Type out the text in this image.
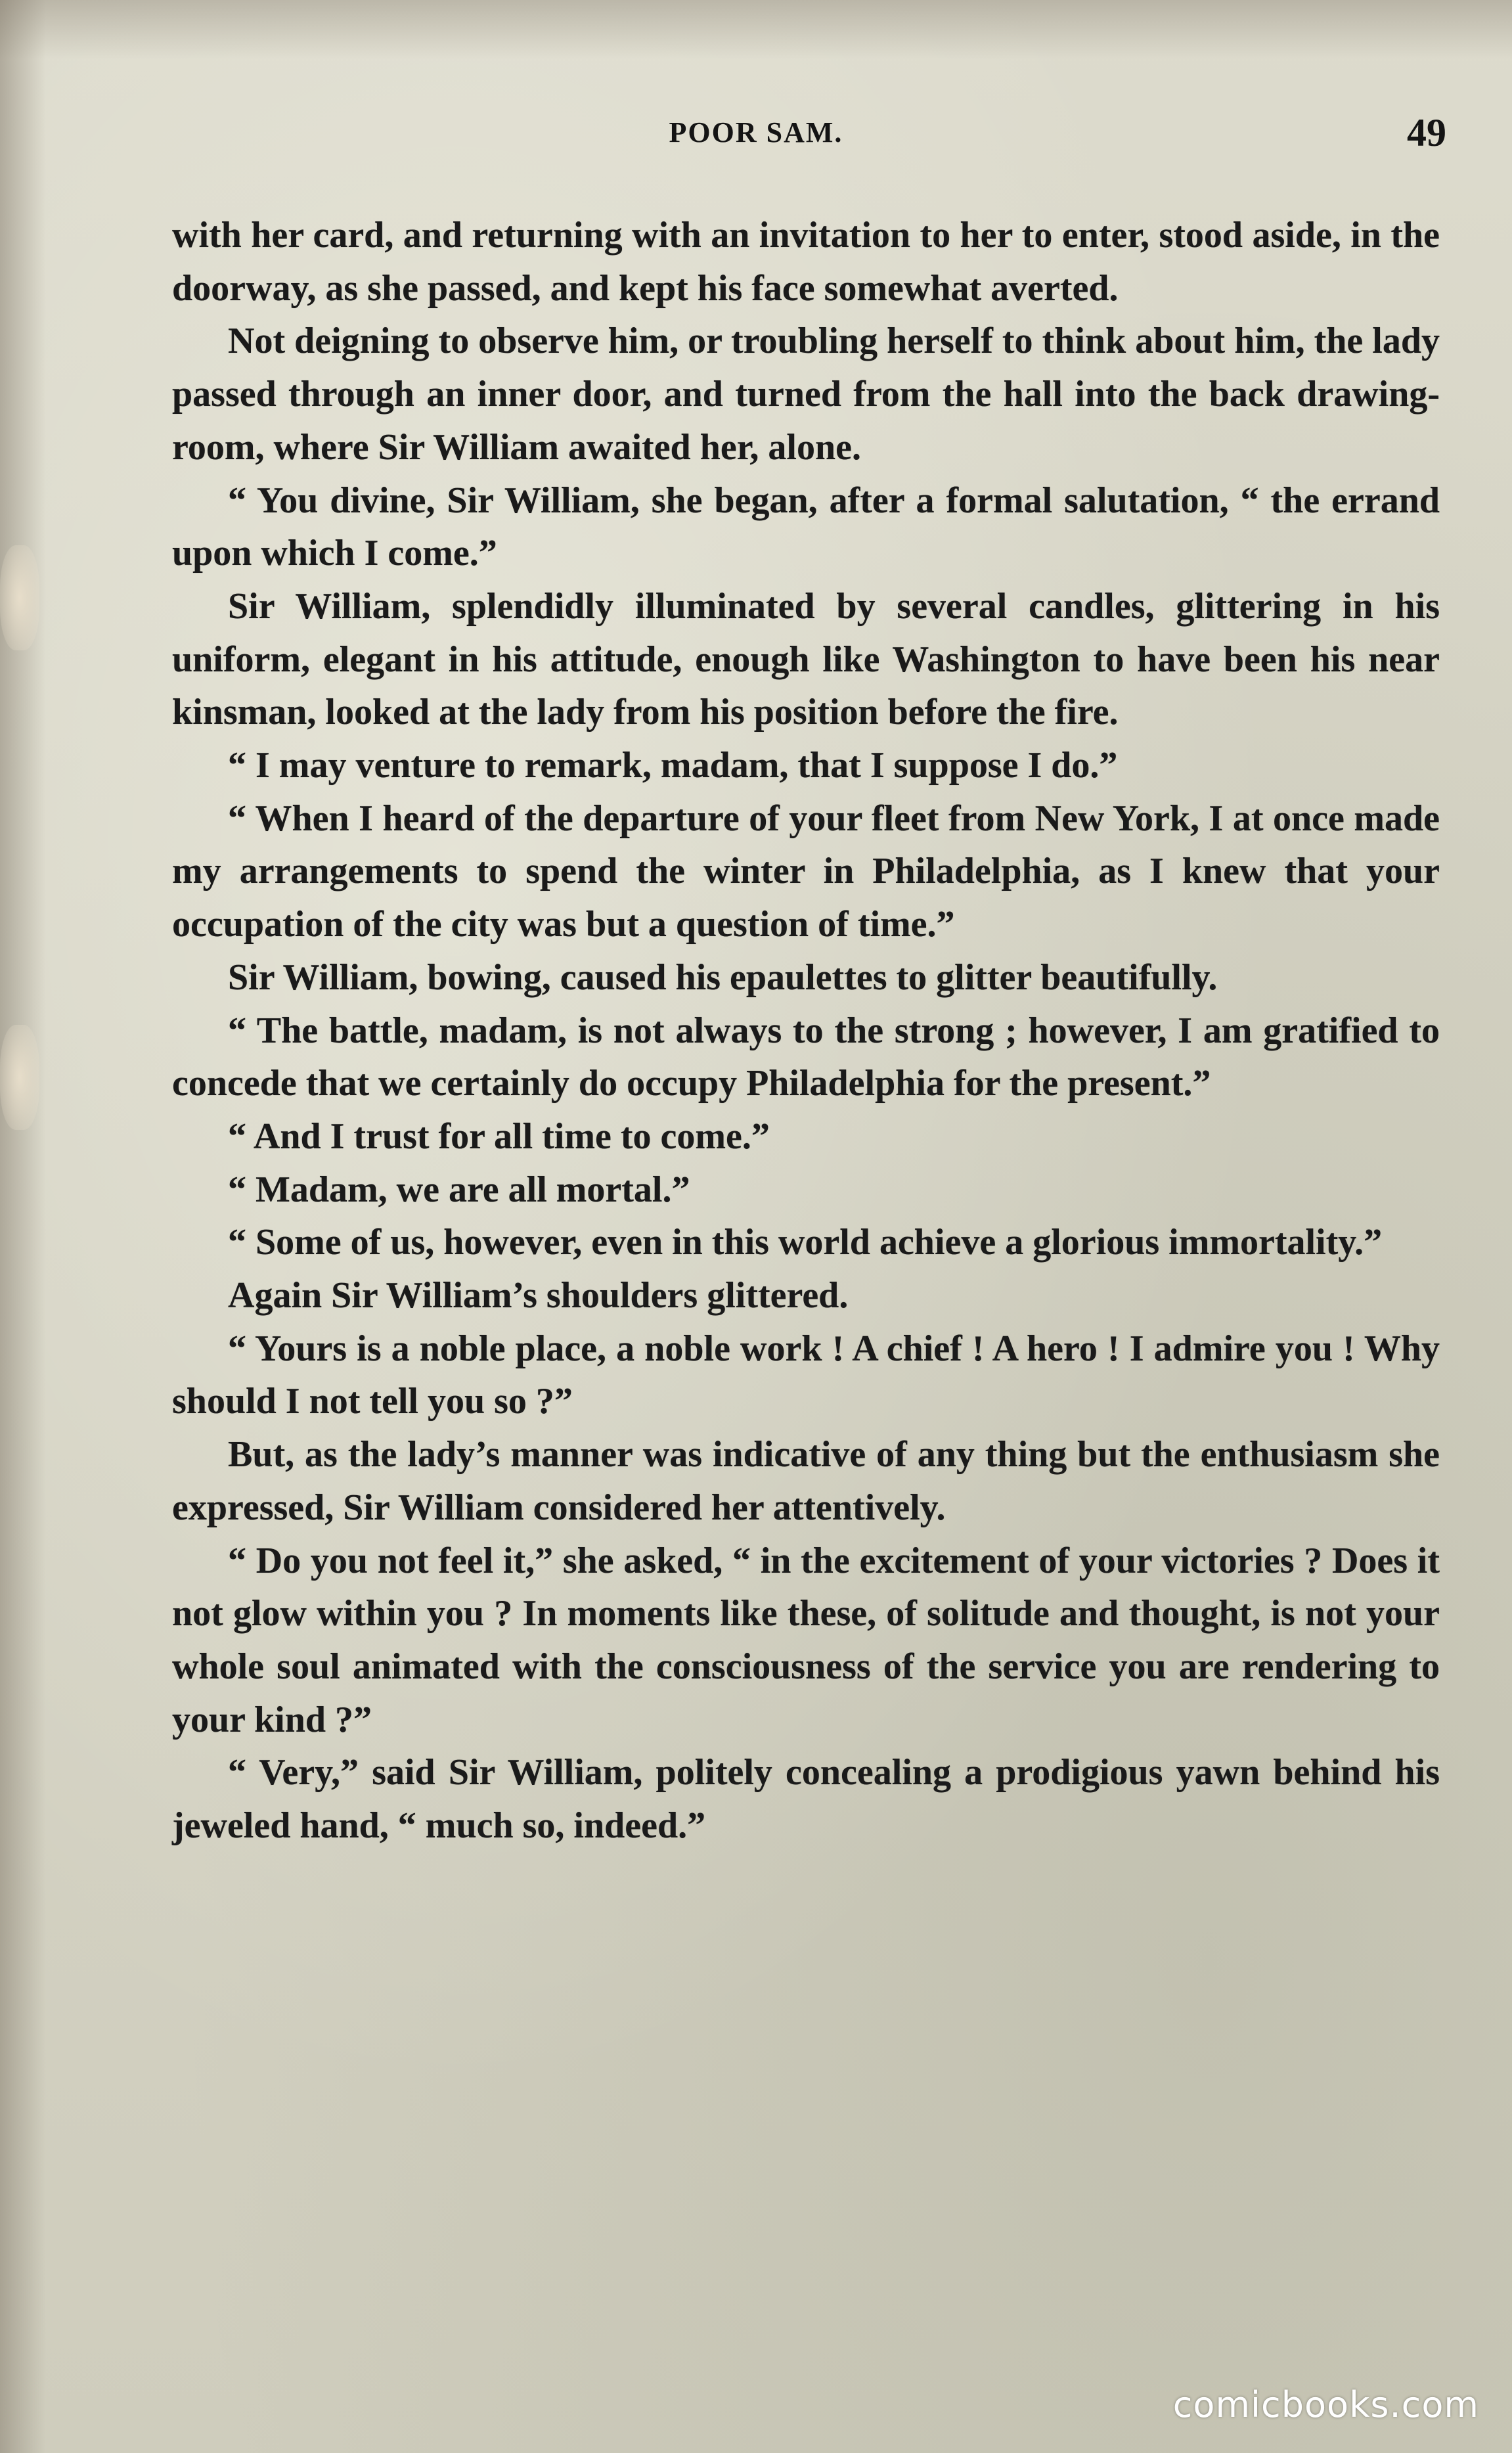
POOR SAM.	49

with her card, and returning with an invitation to her to enter, stood aside, in the doorway, as she passed, and kept his face somewhat averted.

Not deigning to observe him, or troubling herself to think about him, the lady passed through an inner door, and turned from the hall into the back drawing-room, where Sir William awaited her, alone.

“ You divine, Sir William, she began, after a formal salutation, “ the errand upon which I come.”

Sir William, splendidly illuminated by several candles, glittering in his uniform, elegant in his attitude, enough like Washington to have been his near kinsman, looked at the lady from his position before the fire.

“ I may venture to remark, madam, that I suppose I do.”

“ When I heard of the departure of your fleet from New York, I at once made my arrangements to spend the winter in Philadelphia, as I knew that your occupation of the city was but a question of time.”

Sir William, bowing, caused his epaulettes to glitter beautifully.

“ The battle, madam, is not always to the strong ; however, I am gratified to concede that we certainly do occupy Philadelphia for the present.”

“ And I trust for all time to come.”

“ Madam, we are all mortal.”

“ Some of us, however, even in this world achieve a glorious immortality.”

Again Sir William’s shoulders glittered.

“ Yours is a noble place, a noble work ! A chief ! A hero ! I admire you ! Why should I not tell you so ?”

But, as the lady’s manner was indicative of any thing but the enthusiasm she expressed, Sir William considered her attentively.

“ Do you not feel it,” she asked, “ in the excitement of your victories ? Does it not glow within you ? In moments like these, of solitude and thought, is not your whole soul animated with the consciousness of the service you are rendering to your kind ?”

“ Very,” said Sir William, politely concealing a prodigious yawn behind his jeweled hand, “ much so, indeed.”

comicbooks.com
